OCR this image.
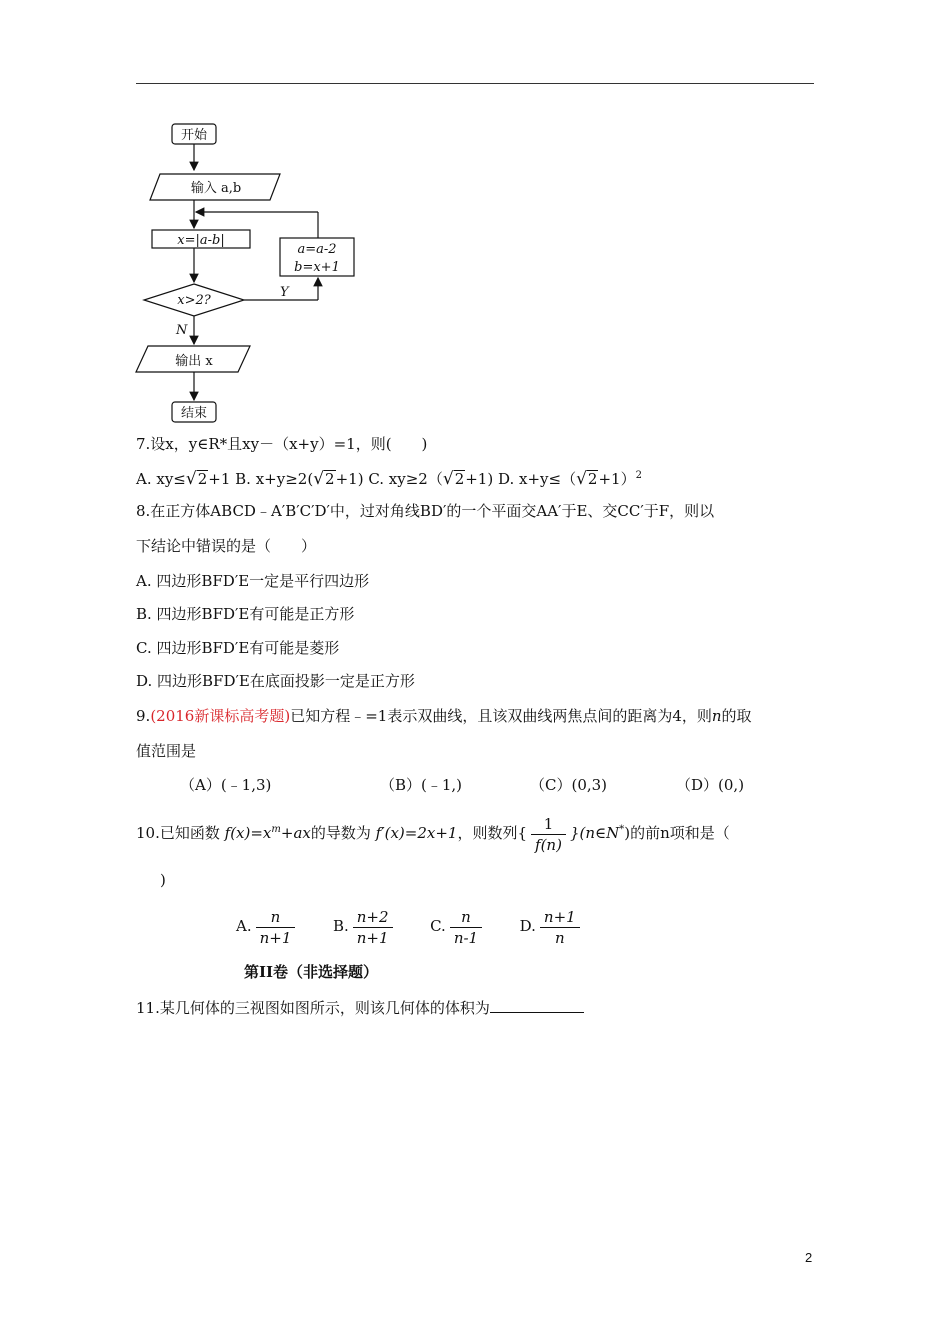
开始
输入 a,b
x=|a-b|
x>2?
a=a-2
b=x+1
Y
N
输出 x
结束
7.设x，y∈R*且xy－（x+y）=1，则(　　)
A. xy≤√2+1 B. x+y≥2(√2+1) C. xy≥2（√2+1) D. $x+y\le(√2+1)^2$
8.在正方体ABCD﹣A′B′C′D′中，过对角线BD′的一个平面交AA′于E、交CC′于F，则以
下结论中错误的是（　　）
A. 四边形BFD′E一定是平行四边形
B. 四边形BFD′E有可能是正方形
C. 四边形BFD′E有可能是菱形
D. 四边形BFD′E在底面投影一定是正方形
9.(2016新课标高考题)已知方程﹣=1表示双曲线，且该双曲线两焦点间的距离为4，则n的取
值范围是
（A）(﹣1,3)	（B）(﹣1,)	（C）(0,3)	（D）(0,)
10.已知函数 $f(x)=x^m+ax$的导数为 f′(x)=2x+1，则数列{ $\frac{1}{f(n)}$ }(n∈N*)的前n项和是（
)
A. $\frac{n}{n+1}$	B. $\frac{n+2}{n+1}$	C. $\frac{n}{n-1}$	D. $\frac{n+1}{n}$
第II卷（非选择题）
11.某几何体的三视图如图所示，则该几何体的体积为
2
